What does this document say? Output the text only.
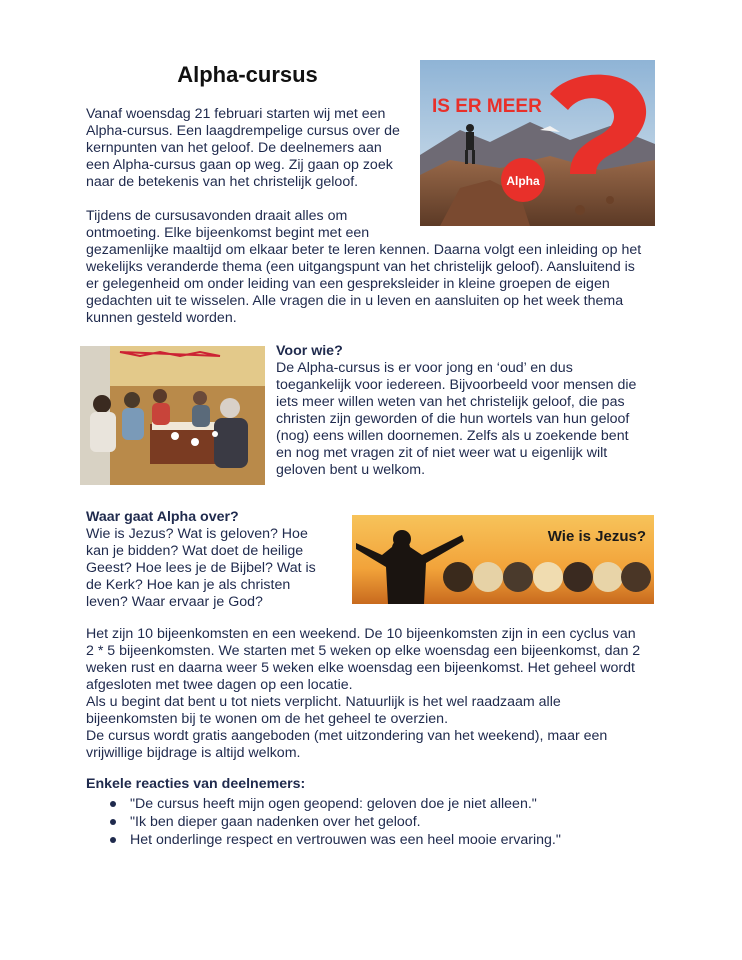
Alpha-cursus
Vanaf woensdag 21 februari starten wij met een
Alpha-cursus. Een laagdrempelige cursus over de
kernpunten van het geloof. De deelnemers aan
een Alpha-cursus gaan op weg. Zij gaan op zoek
naar de betekenis van het christelijk geloof.
IS ER MEER
Alpha
Tijdens de cursusavonden draait alles om
ontmoeting. Elke bijeenkomst begint met een
gezamenlijke maaltijd om elkaar beter te leren kennen. Daarna volgt een inleiding op het
wekelijks veranderde thema (een uitgangspunt van het christelijk geloof). Aansluitend is
er gelegenheid om onder leiding van een gespreksleider in kleine groepen de eigen
gedachten uit te wisselen. Alle vragen die in u leven en aansluiten op het week thema
kunnen gesteld worden.
Voor wie?
De Alpha-cursus is er voor jong en ‘oud’ en dus
toegankelijk voor iedereen. Bijvoorbeeld voor mensen die
iets meer willen weten van het christelijk geloof, die pas
christen zijn geworden of die hun wortels van hun geloof
(nog) eens willen doornemen. Zelfs als u zoekende bent
en nog met vragen zit of niet weer wat u eigenlijk wilt
geloven bent u welkom.
Waar gaat Alpha over?
Wie is Jezus? Wat is geloven? Hoe
kan je bidden? Wat doet de heilige
Geest? Hoe lees je de Bijbel? Wat is
de Kerk? Hoe kan je als christen
leven? Waar ervaar je God?
Wie is Jezus?
Het zijn 10 bijeenkomsten en een weekend. De 10 bijeenkomsten zijn in een cyclus van
2 * 5 bijeenkomsten. We starten met 5 weken op elke woensdag een bijeenkomst, dan 2
weken rust en daarna weer 5 weken elke woensdag een bijeenkomst. Het geheel wordt
afgesloten met twee dagen op een locatie.
Als u begint dat bent u tot niets verplicht. Natuurlijk is het wel raadzaam alle
bijeenkomsten bij te wonen om de het geheel te overzien.
De cursus wordt gratis aangeboden (met uitzondering van het weekend), maar een
vrijwillige bijdrage is altijd welkom.
Enkele reacties van deelnemers:
"De cursus heeft mijn ogen geopend: geloven doe je niet alleen."
"Ik ben dieper gaan nadenken over het geloof.
Het onderlinge respect en vertrouwen was een heel mooie ervaring."
